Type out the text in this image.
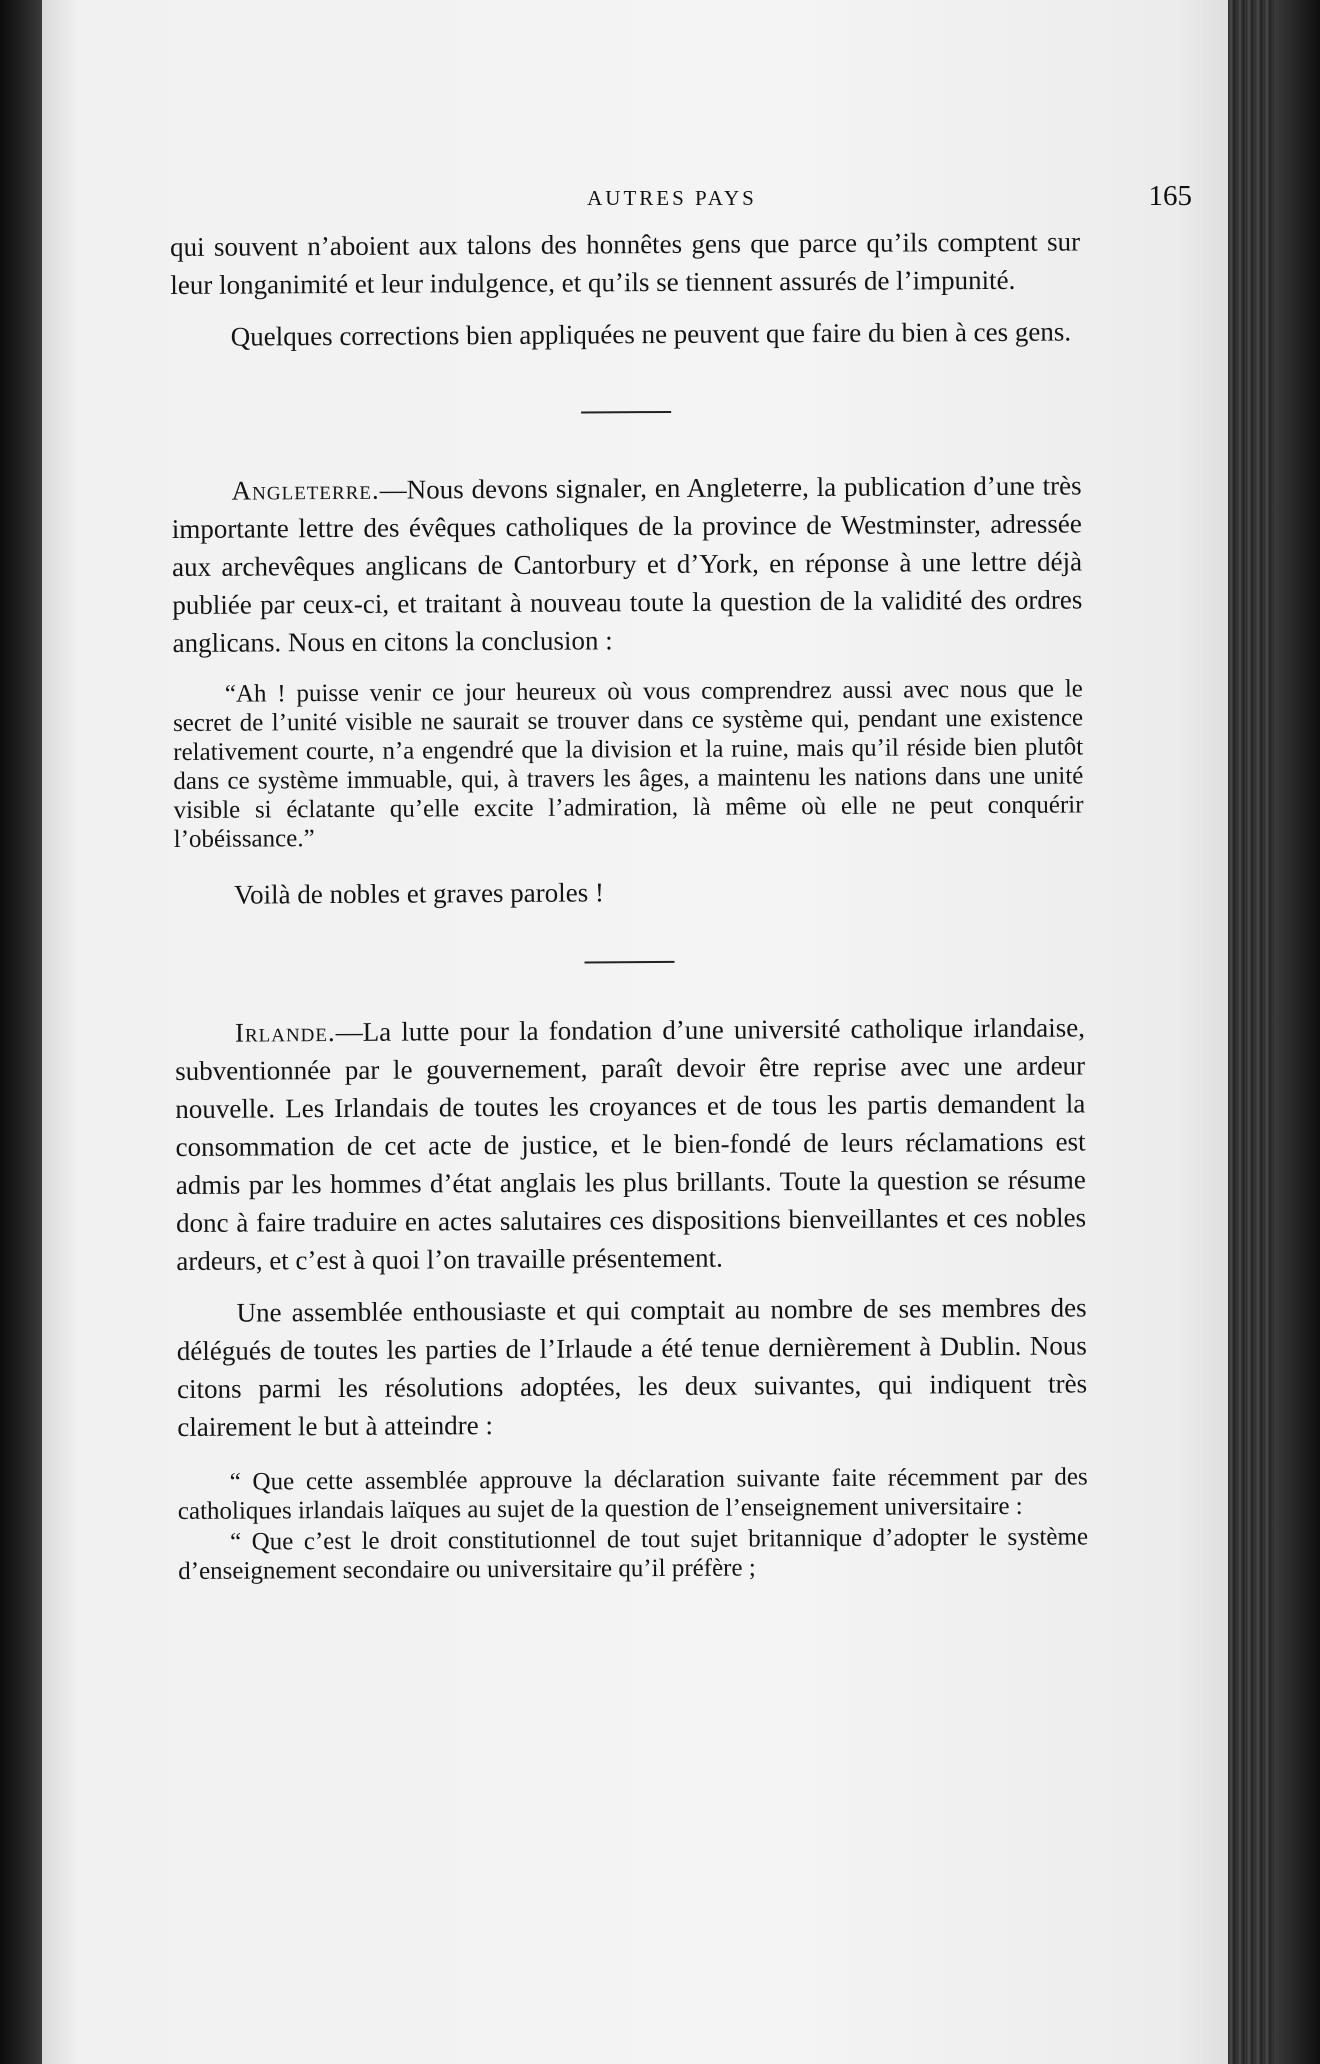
AUTRES PAYS	165

qui souvent n’aboient aux talons des honnêtes gens que parce qu’ils comptent sur leur longanimité et leur indulgence, et qu’ils se tiennent assurés de l’impunité.

Quelques corrections bien appliquées ne peuvent que faire du bien à ces gens.

Angleterre.—Nous devons signaler, en Angleterre, la publication d’une très importante lettre des évêques catholiques de la province de Westminster, adressée aux archevêques anglicans de Cantorbury et d’York, en réponse à une lettre déjà publiée par ceux-ci, et traitant à nouveau toute la question de la validité des ordres anglicans. Nous en citons la conclusion :

“Ah ! puisse venir ce jour heureux où vous comprendrez aussi avec nous que le secret de l’unité visible ne saurait se trouver dans ce système qui, pendant une existence relativement courte, n’a engendré que la division et la ruine, mais qu’il réside bien plutôt dans ce système immuable, qui, à travers les âges, a maintenu les nations dans une unité visible si éclatante qu’elle excite l’admiration, là même où elle ne peut conquérir l’obéissance.”

Voilà de nobles et graves paroles !

Irlande.—La lutte pour la fondation d’une université catholique irlandaise, subventionnée par le gouvernement, paraît devoir être reprise avec une ardeur nouvelle. Les Irlandais de toutes les croyances et de tous les partis demandent la consommation de cet acte de justice, et le bien-fondé de leurs réclamations est admis par les hommes d’état anglais les plus brillants. Toute la question se résume donc à faire traduire en actes salutaires ces dispositions bienveillantes et ces nobles ardeurs, et c’est à quoi l’on travaille présentement.

Une assemblée enthousiaste et qui comptait au nombre de ses membres des délégués de toutes les parties de l’Irlaude a été tenue dernièrement à Dublin. Nous citons parmi les résolutions adoptées, les deux suivantes, qui indiquent très clairement le but à atteindre :

“ Que cette assemblée approuve la déclaration suivante faite récemment par des catholiques irlandais laïques au sujet de la question de l’enseignement universitaire :
“ Que c’est le droit constitutionnel de tout sujet britannique d’adopter le système d’enseignement secondaire ou universitaire qu’il préfère ;
